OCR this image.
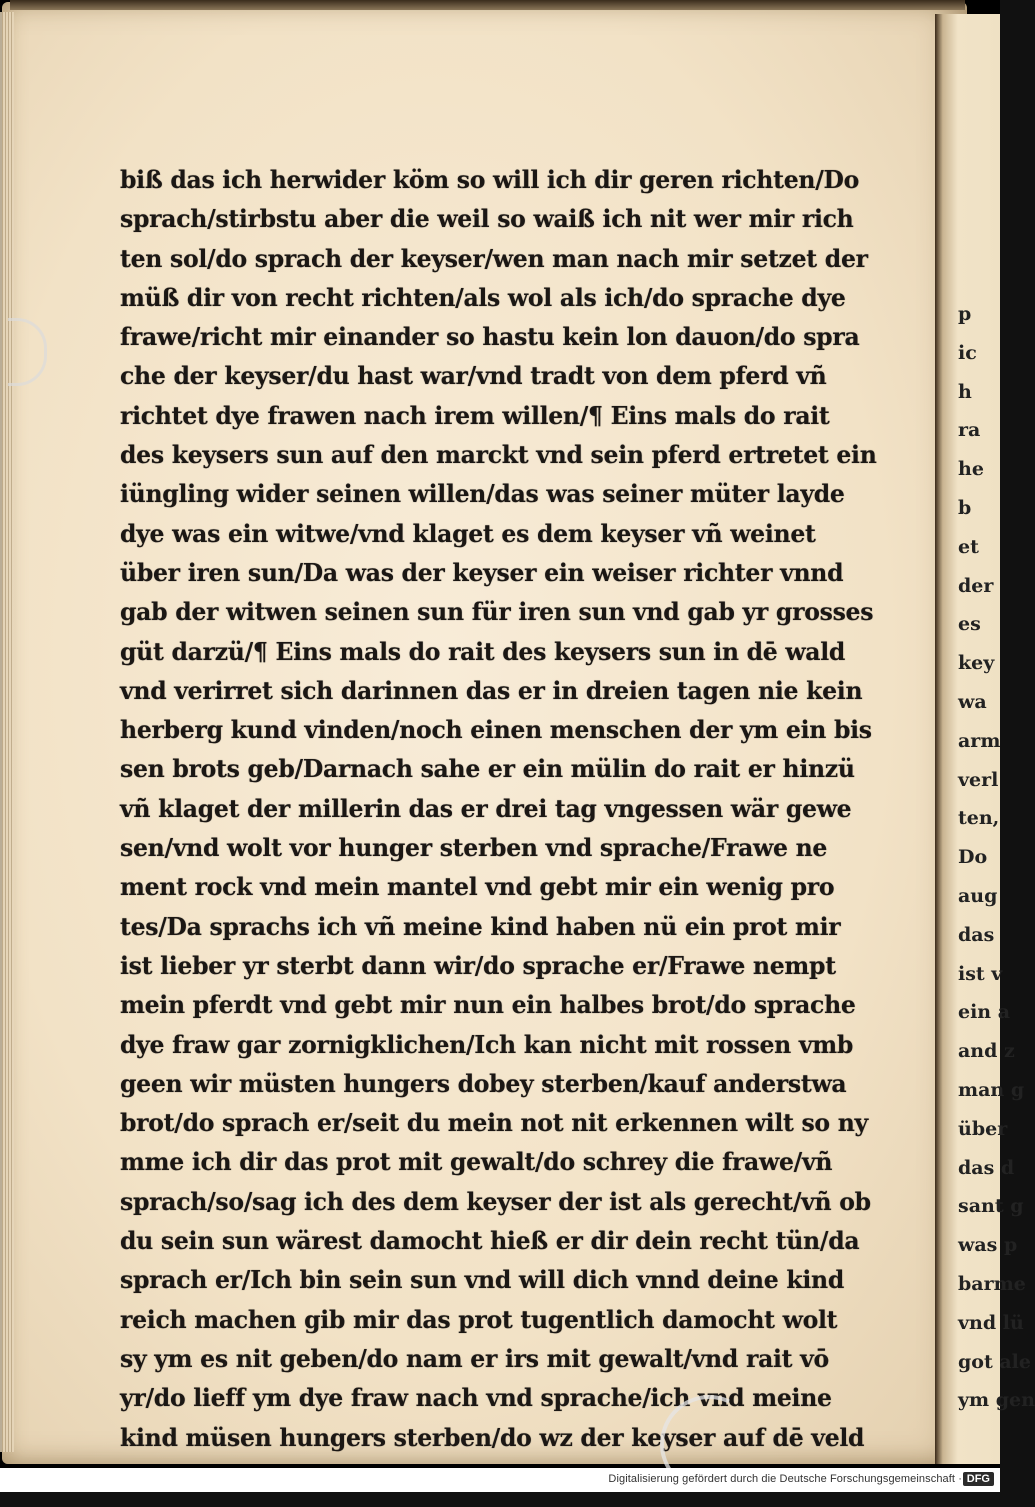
p
ic
h
ra
he
b
et
der
es
key
wa
arm
verl
ten,
Do
aug
das
ist v
ein a
and z
man g
über
das d
sant g
was p
barme
vnd lü
got ale
ym gen
biß das ich herwider köm so will ich dir geren richten/Do
sprach/stirbstu aber die weil so waiß ich nit wer mir rich
ten sol/do sprach der keyser/wen man nach mir setzet der
müß dir von recht richten/als wol als ich/do sprache dye
frawe/richt mir einander so hastu kein lon dauon/do spra
che der keyser/du hast war/vnd tradt von dem pferd vñ
richtet dye frawen nach irem willen/¶ Eins mals do rait
des keysers sun auf den marckt vnd sein pferd ertretet ein
iüngling wider seinen willen/das was seiner müter layde
dye was ein witwe/vnd klaget es dem keyser vñ weinet
über iren sun/Da was der keyser ein weiser richter vnnd
gab der witwen seinen sun für iren sun vnd gab yr grosses
güt darzü/¶ Eins mals do rait des keysers sun in dē wald
vnd verirret sich darinnen das er in dreien tagen nie kein
herberg kund vinden/noch einen menschen der ym ein bis
sen brots geb/Darnach sahe er ein mülin do rait er hinzü
vñ klaget der millerin das er drei tag vngessen wär gewe
sen/vnd wolt vor hunger sterben vnd sprache/Frawe ne
ment rock vnd mein mantel vnd gebt mir ein wenig pro
tes/Da sprachs ich vñ meine kind haben nü ein prot mir
ist lieber yr sterbt dann wir/do sprache er/Frawe nempt
mein pferdt vnd gebt mir nun ein halbes brot/do sprache
dye fraw gar zornigklichen/Ich kan nicht mit rossen vmb
geen wir müsten hungers dobey sterben/kauf anderstwa
brot/do sprach er/seit du mein not nit erkennen wilt so ny
mme ich dir das prot mit gewalt/do schrey die frawe/vñ
sprach/so/sag ich des dem keyser der ist als gerecht/vñ ob
du sein sun wärest damocht hieß er dir dein recht tün/da
sprach er/Ich bin sein sun vnd will dich vnnd deine kind
reich machen gib mir das prot tugentlich damocht wolt
sy ym es nit geben/do nam er irs mit gewalt/vnd rait vō
yr/do lieff ym dye fraw nach vnd sprache/ich vnd meine
kind müsen hungers sterben/do wz der keyser auf dē veld
Digitalisierung gefördert durch die Deutsche Forschungsgemeinschaft · DFG
